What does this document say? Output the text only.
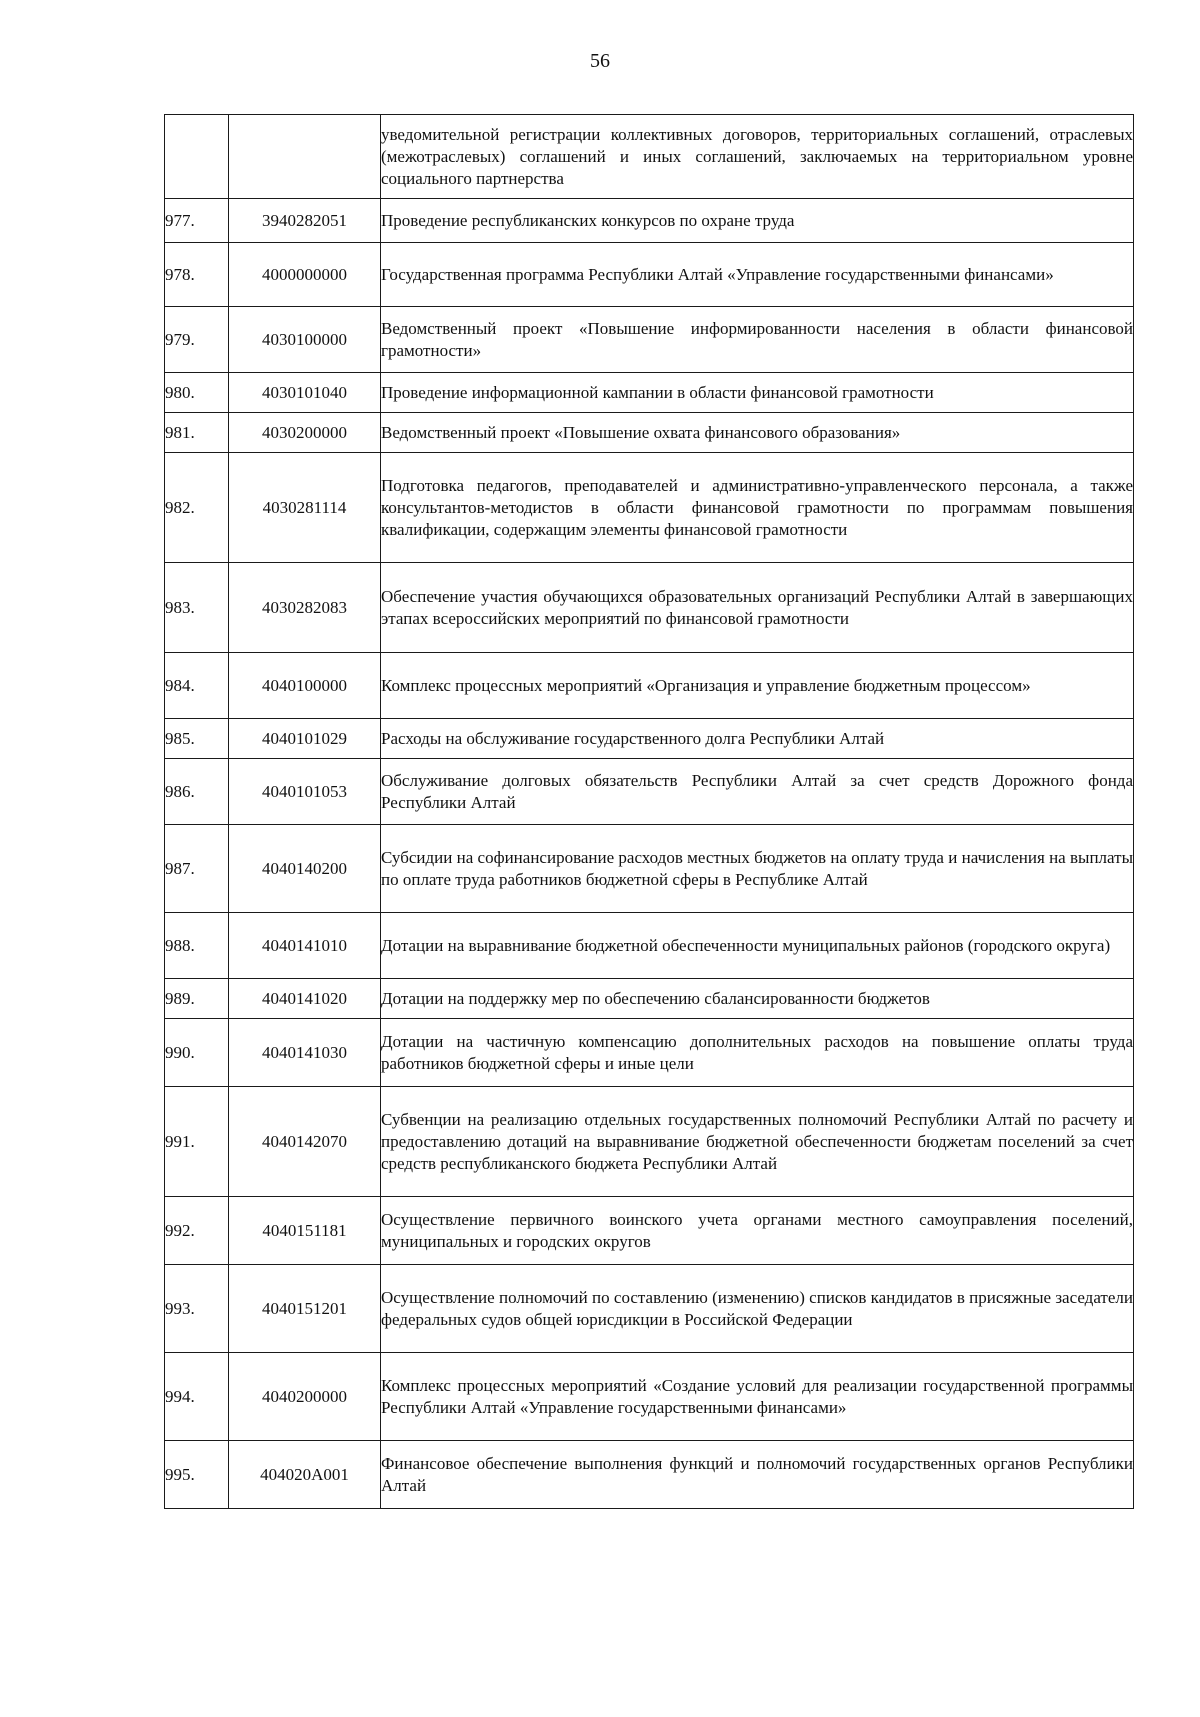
56
		уведомительной регистрации коллективных договоров, территориальных соглашений, отраслевых (межотраслевых) соглашений и иных соглашений, заключаемых на территориальном уровне социального партнерства
977.	3940282051	Проведение республиканских конкурсов по охране труда
978.	4000000000	Государственная программа Республики Алтай «Управление государственными финансами»
979.	4030100000	Ведомственный проект «Повышение информированности населения в области финансовой грамотности»
980.	4030101040	Проведение информационной кампании в области финансовой грамотности
981.	4030200000	Ведомственный проект «Повышение охвата финансового образования»
982.	4030281114	Подготовка педагогов, преподавателей и административно-управленческого персонала, а также консультантов-методистов в области финансовой грамотности по программам повышения квалификации, содержащим элементы финансовой грамотности
983.	4030282083	Обеспечение участия обучающихся образовательных организаций Республики Алтай в завершающих этапах всероссийских мероприятий по финансовой грамотности
984.	4040100000	Комплекс процессных мероприятий «Организация и управление бюджетным процессом»
985.	4040101029	Расходы на обслуживание государственного долга Республики Алтай
986.	4040101053	Обслуживание долговых обязательств Республики Алтай за счет средств Дорожного фонда Республики Алтай
987.	4040140200	Субсидии на софинансирование расходов местных бюджетов на оплату труда и начисления на выплаты по оплате труда работников бюджетной сферы в Республике Алтай
988.	4040141010	Дотации на выравнивание бюджетной обеспеченности муниципальных районов (городского округа)
989.	4040141020	Дотации на поддержку мер по обеспечению сбалансированности бюджетов
990.	4040141030	Дотации на частичную компенсацию дополнительных расходов на повышение оплаты труда работников бюджетной сферы и иные цели
991.	4040142070	Субвенции на реализацию отдельных государственных полномочий Республики Алтай по расчету и предоставлению дотаций на выравнивание бюджетной обеспеченности бюджетам поселений за счет средств республиканского бюджета Республики Алтай
992.	4040151181	Осуществление первичного воинского учета органами местного самоуправления поселений, муниципальных и городских округов
993.	4040151201	Осуществление полномочий по составлению (изменению) списков кандидатов в присяжные заседатели федеральных судов общей юрисдикции в Российской Федерации
994.	4040200000	Комплекс процессных мероприятий «Создание условий для реализации государственной программы Республики Алтай «Управление государственными финансами»
995.	404020А001	Финансовое обеспечение выполнения функций и полномочий государственных органов Республики Алтай
